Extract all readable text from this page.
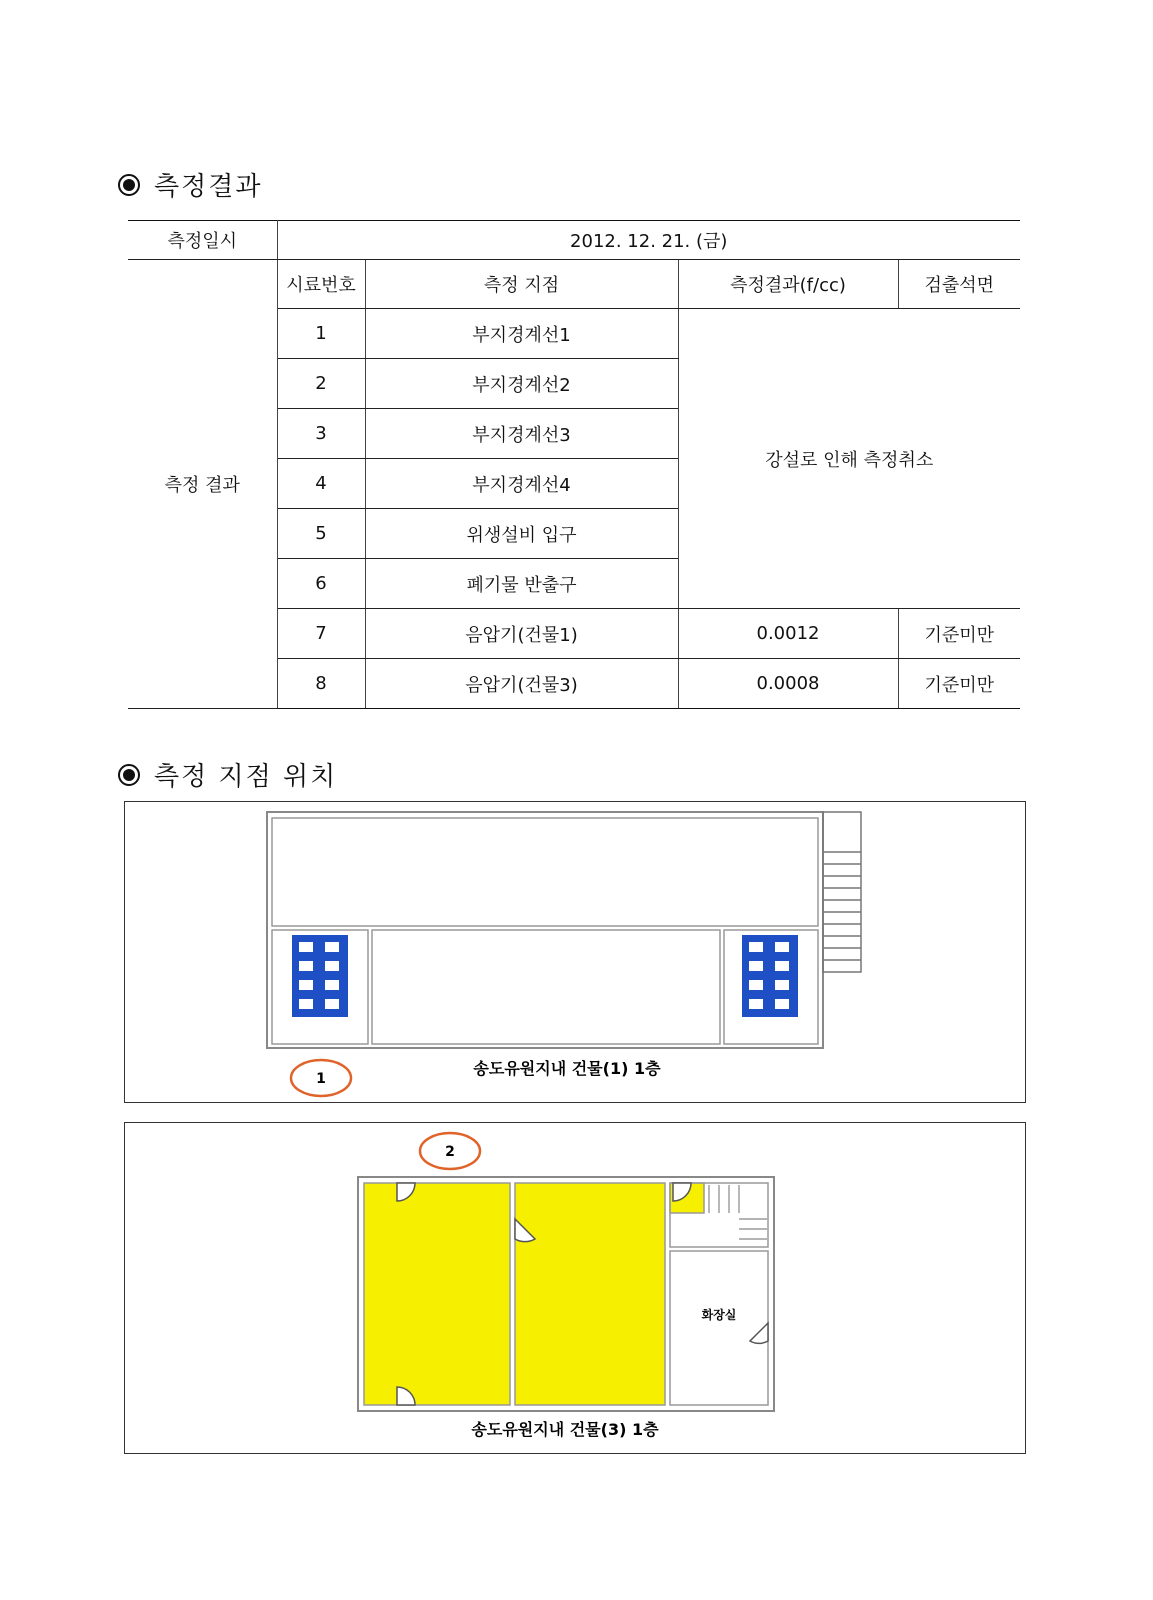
측정결과
측정일시	2012. 12. 21. (금)			
측정 결과	시료번호	측정 지점	측정결과(f/cc)	검출석면
	1	부지경계선1	강설로 인해 측정취소	
	2	부지경계선2		
	3	부지경계선3		
	4	부지경계선4		
	5	위생설비 입구		
	6	폐기물 반출구		
	7	음압기(건물1)	0.0012	기준미만
	8	음압기(건물3)	0.0008	기준미만
측정 지점 위치
1
송도유원지내 건물(1) 1층
2
화장실
송도유원지내 건물(3) 1층
